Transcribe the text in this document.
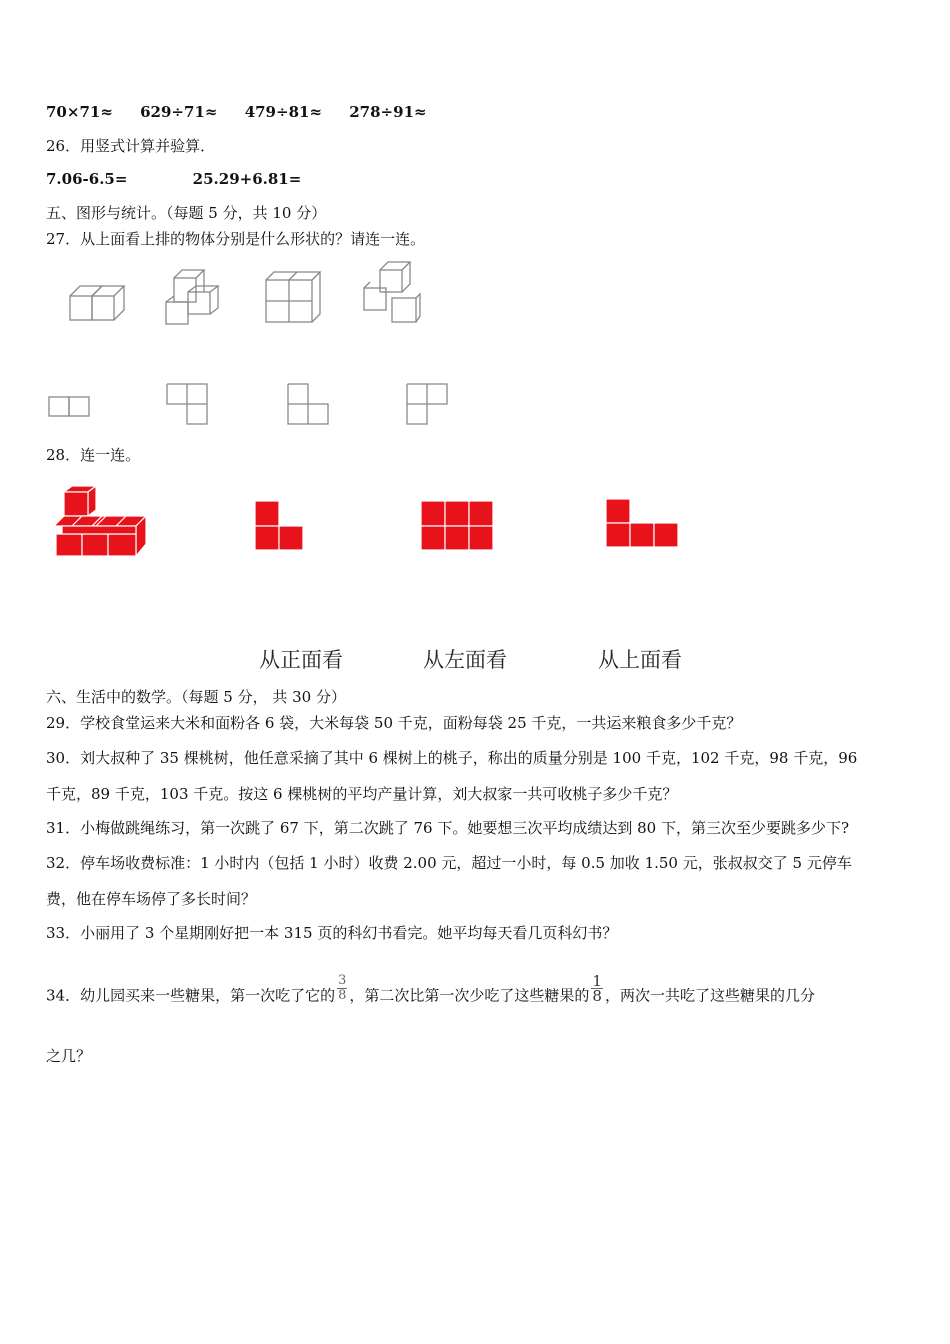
70×71≈ 629÷71≈ 479÷81≈ 278÷91≈
26．用竖式计算并验算．
7.06-6.5=	25.29+6.81=
五、图形与统计。（每题 5 分，共 10 分）
27．从上面看上排的物体分别是什么形状的？请连一连。
28．连一连。
从正面看	从左面看	从上面看
六、生活中的数学。（每题 5 分， 共 30 分）
29．学校食堂运来大米和面粉各 6 袋，大米每袋 50 千克，面粉每袋 25 千克，一共运来粮食多少千克？
30．刘大叔种了 35 棵桃树，他任意采摘了其中 6 棵树上的桃子，称出的质量分别是 100 千克，102 千克，98 千克，96
千克，89 千克，103 千克。按这 6 棵桃树的平均产量计算，刘大叔家一共可收桃子多少千克？
31．小梅做跳绳练习，第一次跳了 67 下，第二次跳了 76 下。她要想三次平均成绩达到 80 下，第三次至少要跳多少下?
32．停车场收费标准：1 小时内（包括 1 小时）收费 2.00 元，超过一小时，每 0.5 加收 1.50 元，张叔叔交了 5 元停车
费，他在停车场停了多长时间？
33．小丽用了 3 个星期刚好把一本 315 页的科幻书看完。她平均每天看几页科幻书？
34．幼儿园买来一些糖果，第一次吃了它的 $\frac{3}{8}$ ，第二次比第一次少吃了这些糖果的 $\frac{1}{8}$ ，两次一共吃了这些糖果的几分
之几？
